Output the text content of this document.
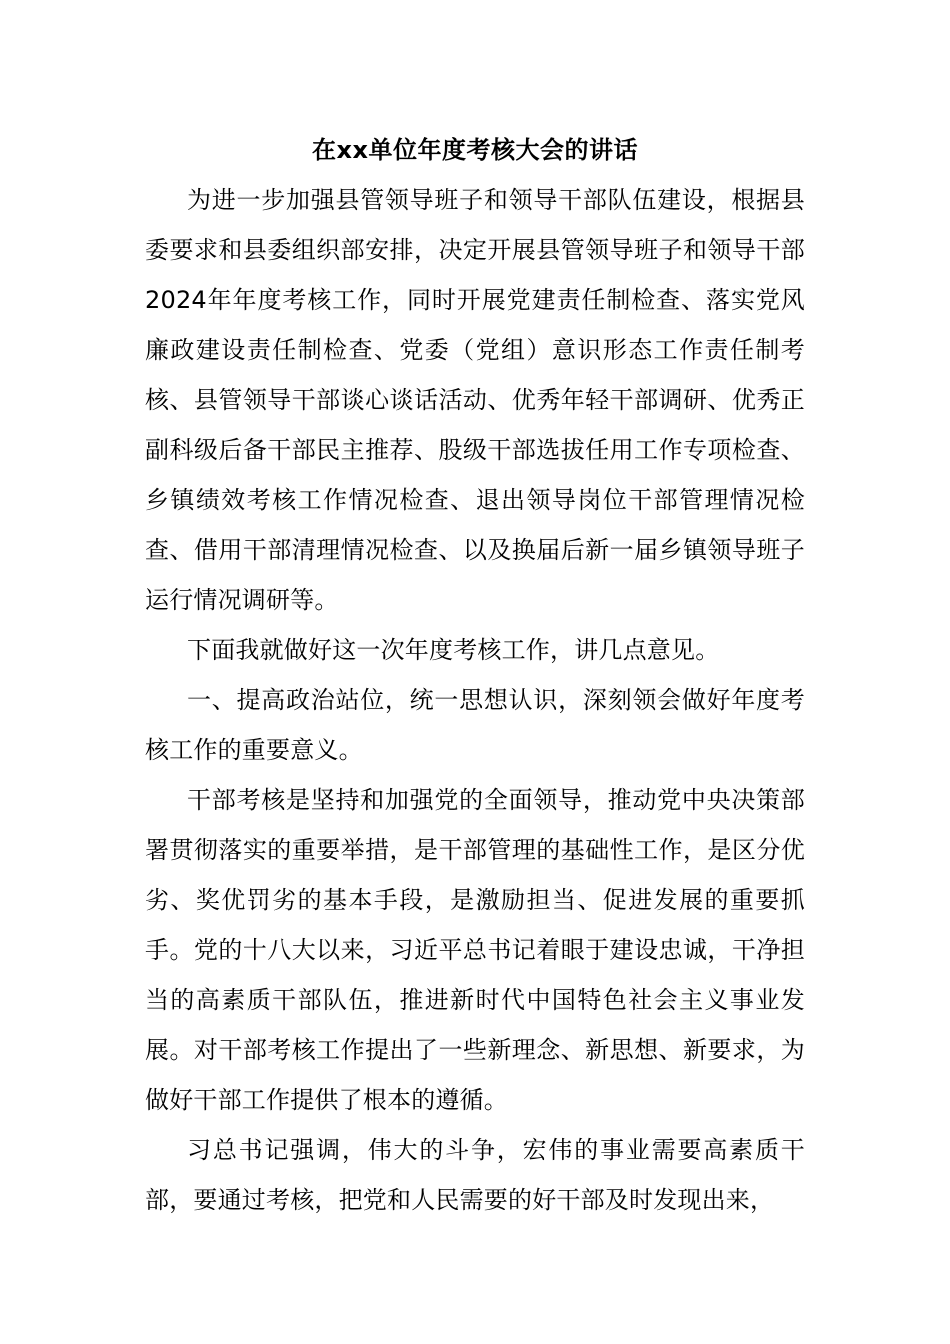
在xx单位年度考核大会的讲话

为进一步加强县管领导班子和领导干部队伍建设，根据县委要求和县委组织部安排，决定开展县管领导班子和领导干部2024年年度考核工作，同时开展党建责任制检查、落实党风廉政建设责任制检查、党委（党组）意识形态工作责任制考核、县管领导干部谈心谈话活动、优秀年轻干部调研、优秀正副科级后备干部民主推荐、股级干部选拔任用工作专项检查、乡镇绩效考核工作情况检查、退出领导岗位干部管理情况检查、借用干部清理情况检查、以及换届后新一届乡镇领导班子运行情况调研等。

下面我就做好这一次年度考核工作，讲几点意见。

一、提高政治站位，统一思想认识，深刻领会做好年度考核工作的重要意义。

干部考核是坚持和加强党的全面领导，推动党中央决策部署贯彻落实的重要举措，是干部管理的基础性工作，是区分优劣、奖优罚劣的基本手段，是激励担当、促进发展的重要抓手。党的十八大以来，习近平总书记着眼于建设忠诚，干净担当的高素质干部队伍，推进新时代中国特色社会主义事业发展。对干部考核工作提出了一些新理念、新思想、新要求，为做好干部工作提供了根本的遵循。

习总书记强调，伟大的斗争，宏伟的事业需要高素质干部，要通过考核，把党和人民需要的好干部及时发现出来，
